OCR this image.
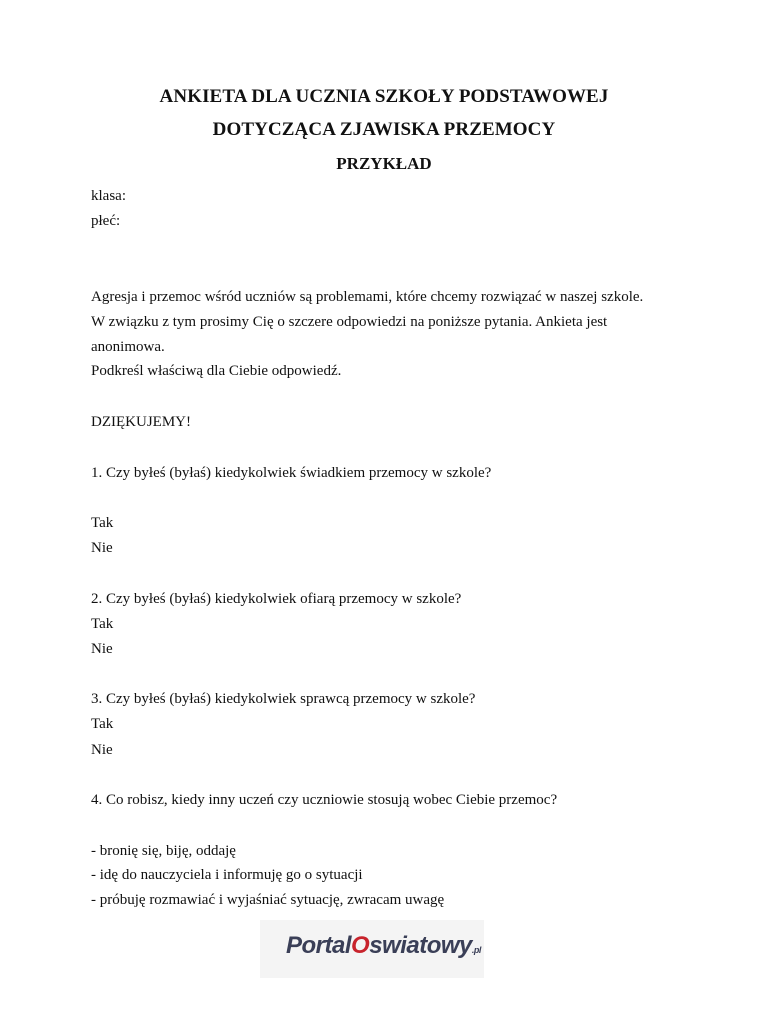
ANKIETA DLA UCZNIA SZKOŁY PODSTAWOWEJ
DOTYCZĄCA ZJAWISKA PRZEMOCY
PRZYKŁAD
klasa:
płeć:
Agresja i przemoc wśród uczniów są problemami, które chcemy rozwiązać w naszej szkole.
W związku z tym prosimy Cię o szczere odpowiedzi na poniższe pytania. Ankieta jest
anonimowa.
Podkreśl właściwą dla Ciebie odpowiedź.
DZIĘKUJEMY!
1. Czy byłeś (byłaś) kiedykolwiek świadkiem przemocy w szkole?
Tak
Nie
2. Czy byłeś (byłaś) kiedykolwiek ofiarą przemocy w szkole?
Tak
Nie
3. Czy byłeś (byłaś) kiedykolwiek sprawcą przemocy w szkole?
Tak
Nie
4. Co robisz, kiedy inny uczeń czy uczniowie stosują wobec Ciebie przemoc?
- bronię się, biję, oddaję
- idę do nauczyciela i informuję go o sytuacji
- próbuję rozmawiać i wyjaśniać sytuację, zwracam uwagę
PortalOswiatowy.pl
